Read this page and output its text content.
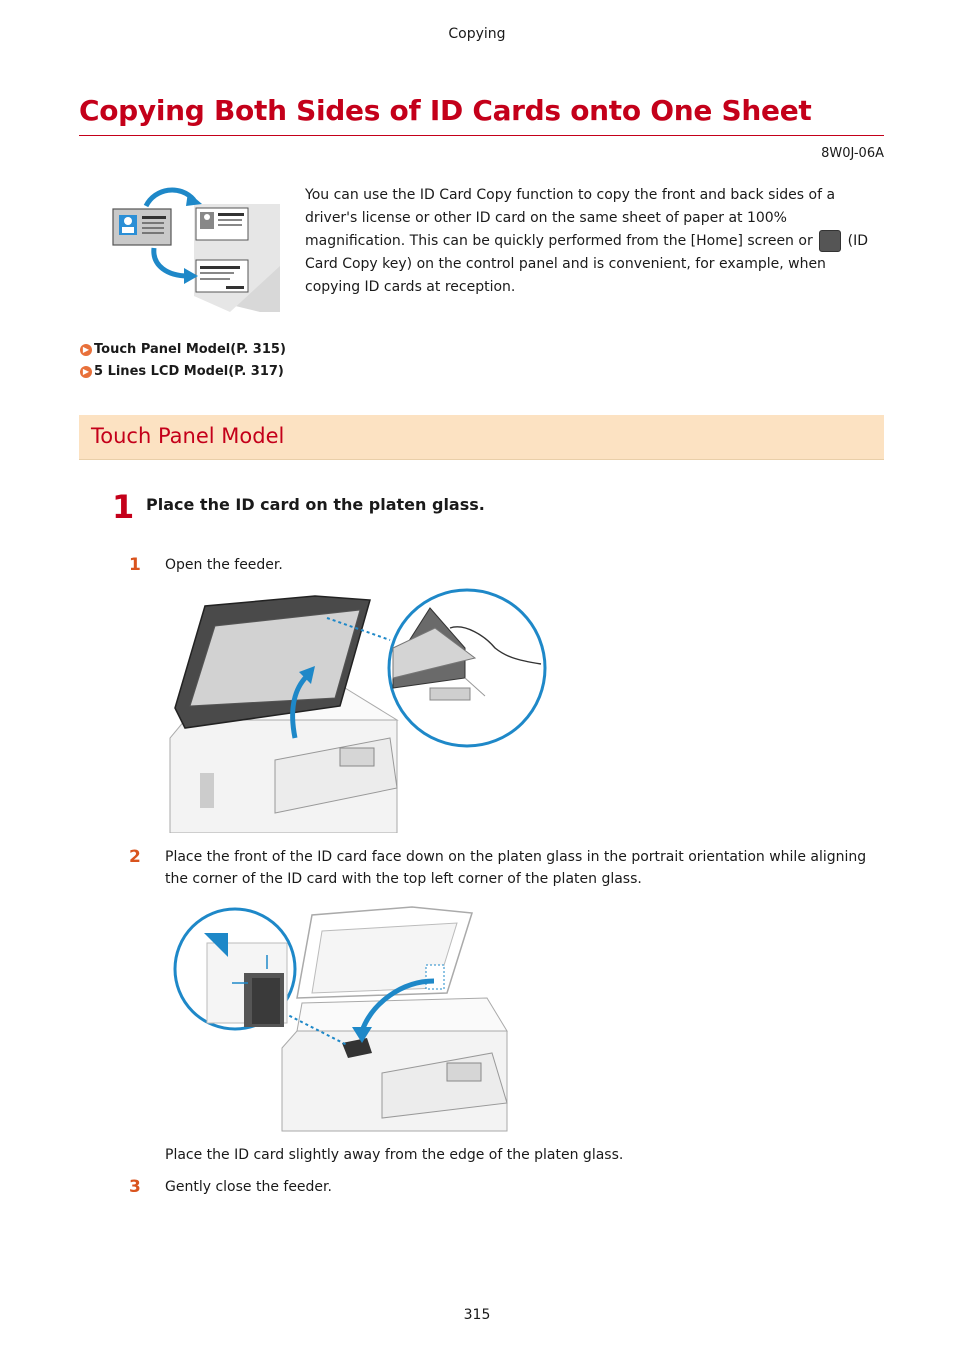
Copying
Copying Both Sides of ID Cards onto One Sheet
8W0J-06A
You can use the ID Card Copy function to copy the front and back sides of a driver's license or other ID card on the same sheet of paper at 100% magnification. This can be quickly performed from the [Home] screen or (ID Card Copy key) on the control panel and is convenient, for example, when copying ID cards at reception.
▶ Touch Panel Model(P. 315)
▶ 5 Lines LCD Model(P. 317)
Touch Panel Model
1 Place the ID card on the platen glass.
1 Open the feeder.
2 Place the front of the ID card face down on the platen glass in the portrait orientation while aligning the corner of the ID card with the top left corner of the platen glass.
Place the ID card slightly away from the edge of the platen glass.
3 Gently close the feeder.
315
